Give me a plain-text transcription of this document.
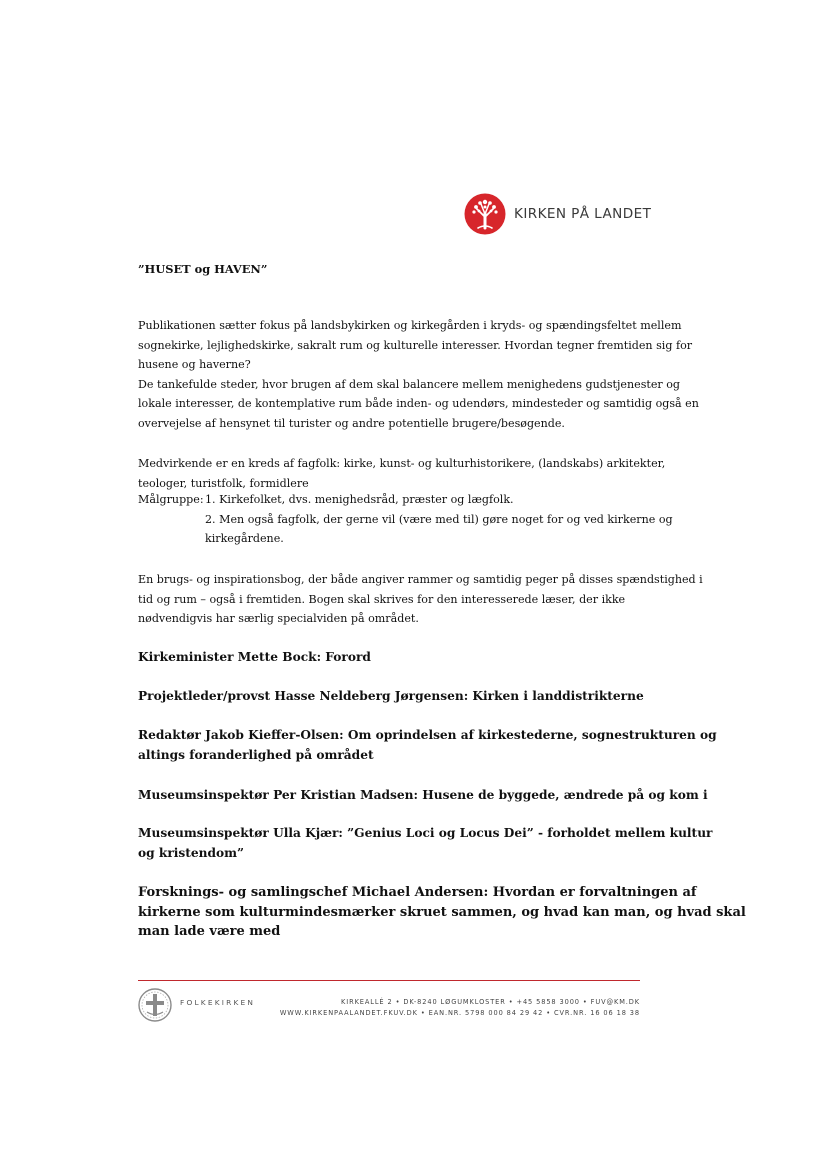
KIRKEN PÅ LANDET
”HUSET og HAVEN”
Publikationen sætter fokus på landsbykirken og kirkegården i kryds- og spændingsfeltet mellem
sognekirke, lejlighedskirke, sakralt rum og kulturelle interesser. Hvordan tegner fremtiden sig for
husene og haverne?
De tankefulde steder, hvor brugen af dem skal balancere mellem menighedens gudstjenester og
lokale interesser, de kontemplative rum både inden- og udendørs, mindesteder og samtidig også en
overvejelse af hensynet til turister og andre potentielle brugere/besøgende.
Medvirkende er en kreds af fagfolk: kirke, kunst- og kulturhistorikere, (landskabs) arkitekter,
teologer, turistfolk, formidlere
Målgruppe: 1. Kirkefolket, dvs. menighedsråd, præster og lægfolk.
2. Men også fagfolk, der gerne vil (være med til) gøre noget for og ved kirkerne og
kirkegårdene.
En brugs- og inspirationsbog, der både angiver rammer og samtidig peger på disses spændstighed i
tid og rum – også i fremtiden. Bogen skal skrives for den interesserede læser, der ikke
nødvendigvis har særlig specialviden på området.
Kirkeminister Mette Bock: Forord
Projektleder/provst Hasse Neldeberg Jørgensen: Kirken i landdistrikterne
Redaktør Jakob Kieffer-Olsen: Om oprindelsen af kirkestederne, sognestrukturen og
altings foranderlighed på området
Museumsinspektør Per Kristian Madsen: Husene de byggede, ændrede på og kom i
Museumsinspektør Ulla Kjær: ”Genius Loci og Locus Dei” - forholdet mellem kultur
og kristendom”
Forsknings- og samlingschef Michael Andersen: Hvordan er forvaltningen af
kirkerne som kulturmindesmærker skruet sammen, og hvad kan man, og hvad skal
man lade være med
FOLKEKIRKEN	KIRKEALLÉ 2 • DK-8240 LØGUMKLOSTER • +45 5858 3000 • FUV@KM.DK
WWW.KIRKENPAALANDET.FKUV.DK • EAN.NR. 5798 000 84 29 42 • CVR.NR. 16 06 18 38
